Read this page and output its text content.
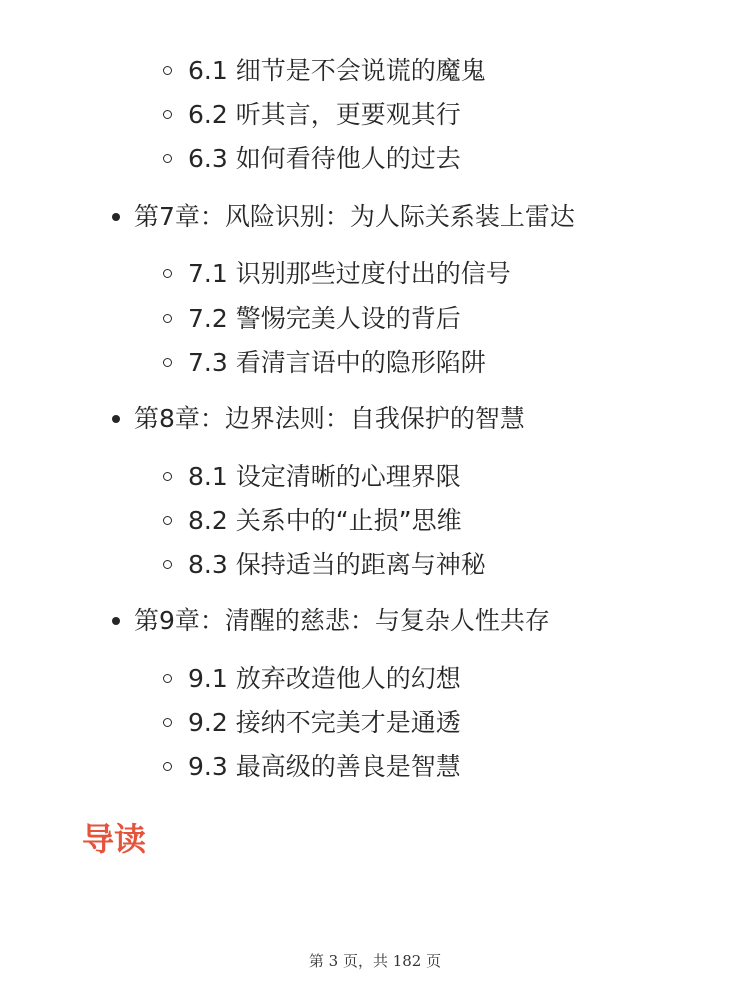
6.1 细节是不会说谎的魔鬼
6.2 听其言，更要观其行
6.3 如何看待他人的过去
第7章：风险识别：为人际关系装上雷达
7.1 识别那些过度付出的信号
7.2 警惕完美人设的背后
7.3 看清言语中的隐形陷阱
第8章：边界法则：自我保护的智慧
8.1 设定清晰的心理界限
8.2 关系中的“止损”思维
8.3 保持适当的距离与神秘
第9章：清醒的慈悲：与复杂人性共存
9.1 放弃改造他人的幻想
9.2 接纳不完美才是通透
9.3 最高级的善良是智慧
导读
第 3 页，共 182 页
